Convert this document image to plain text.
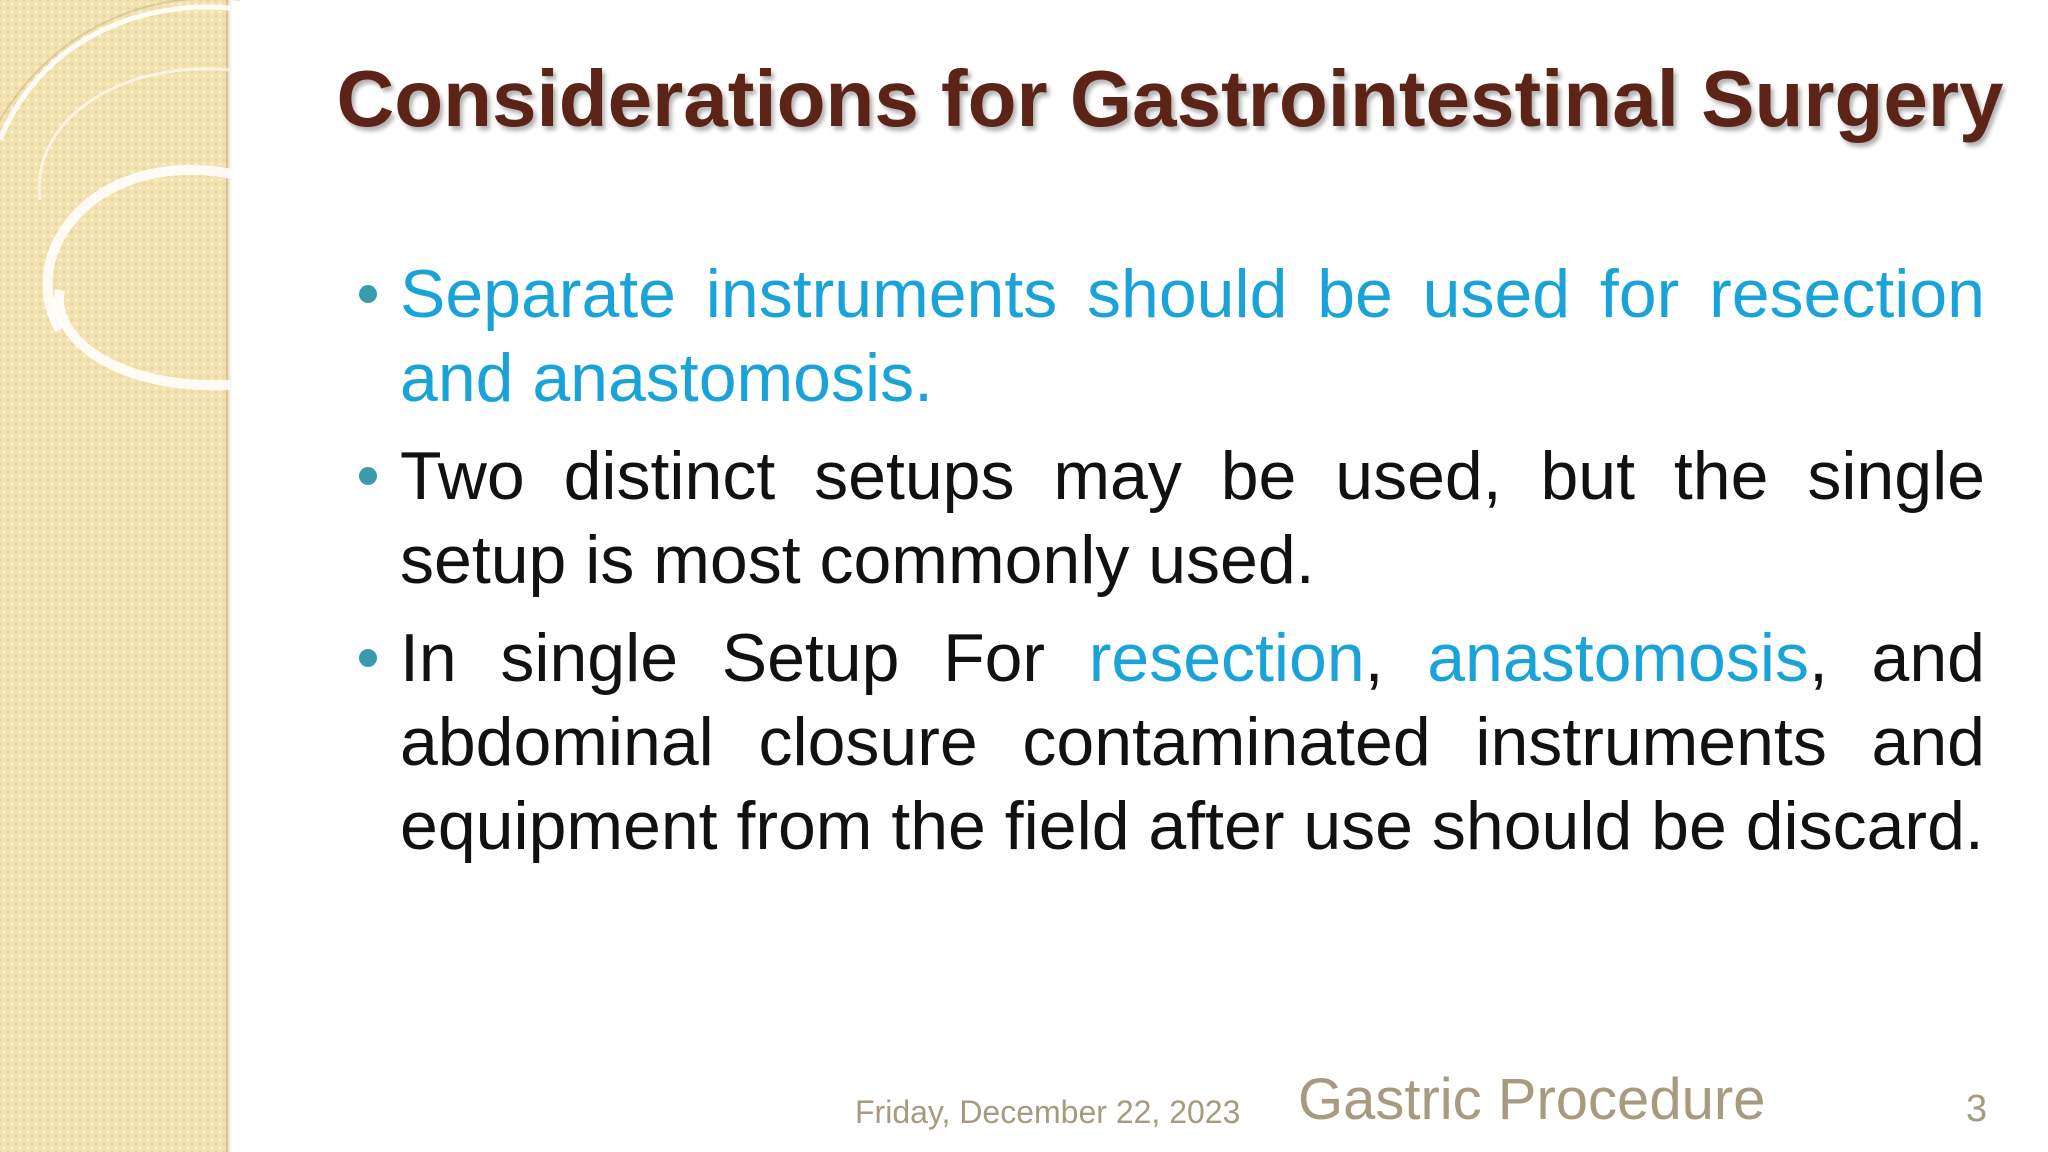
Considerations for Gastrointestinal Surgery
Separate instruments should be used for resection and anastomosis.
Two distinct setups may be used, but the single setup is most commonly used.
In single Setup For resection, anastomosis, and abdominal closure contaminated instruments and equipment from the field after use should be discard.
Friday, December 22, 2023 Gastric Procedure	3
